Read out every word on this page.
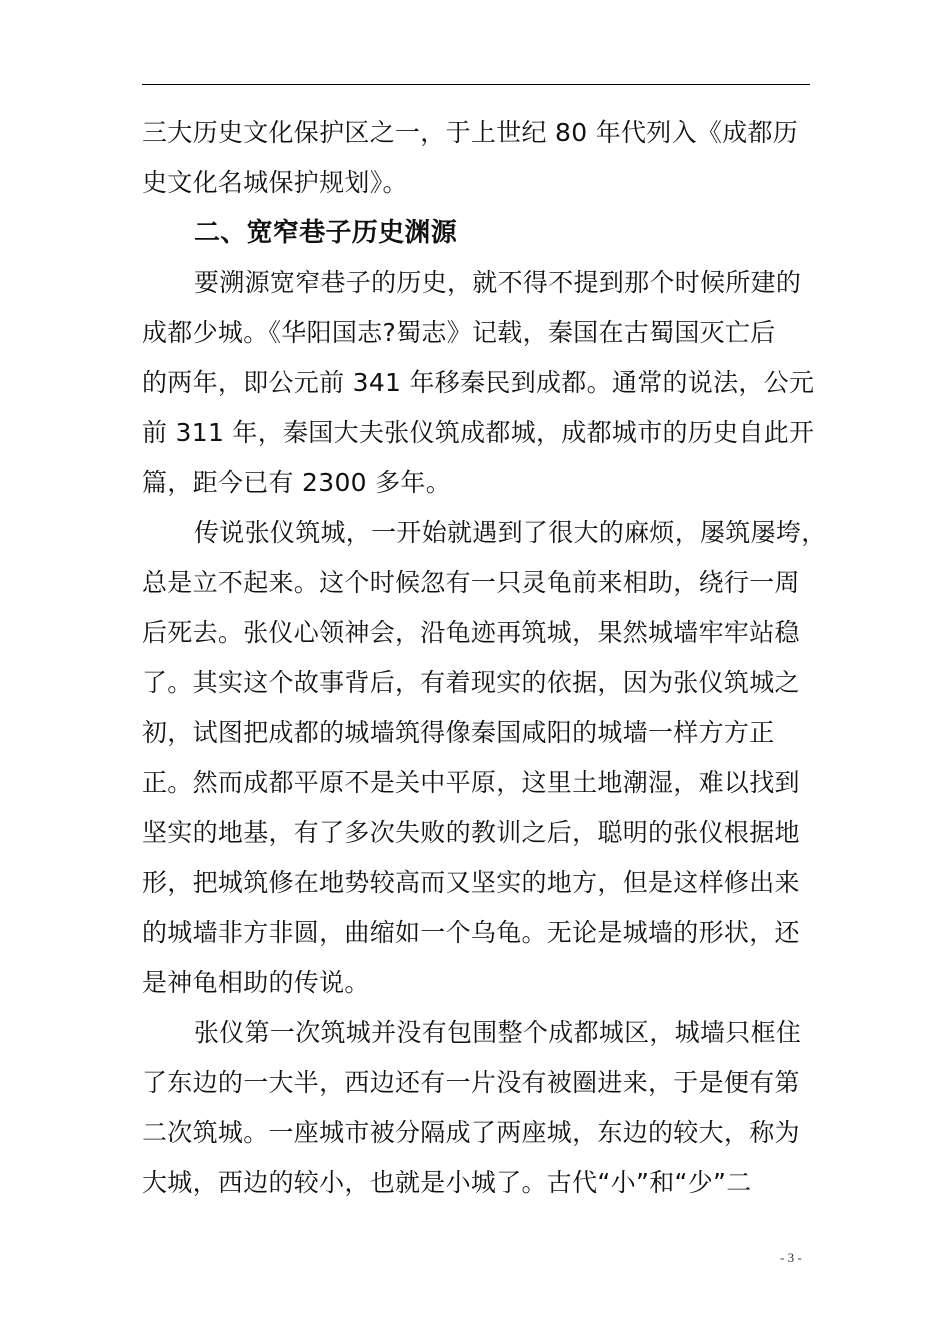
三大历史文化保护区之一，于上世纪 80 年代列入《成都历
史文化名城保护规划》。
二、宽窄巷子历史渊源
要溯源宽窄巷子的历史，就不得不提到那个时候所建的
成都少城。《华阳国志?蜀志》记载，秦国在古蜀国灭亡后
的两年，即公元前 341 年移秦民到成都。通常的说法，公元
前 311 年，秦国大夫张仪筑成都城，成都城市的历史自此开
篇，距今已有 2300 多年。
传说张仪筑城，一开始就遇到了很大的麻烦，屡筑屡垮，
总是立不起来。这个时候忽有一只灵龟前来相助，绕行一周
后死去。张仪心领神会，沿龟迹再筑城，果然城墙牢牢站稳
了。其实这个故事背后，有着现实的依据，因为张仪筑城之
初，试图把成都的城墙筑得像秦国咸阳的城墙一样方方正
正。然而成都平原不是关中平原，这里土地潮湿，难以找到
坚实的地基，有了多次失败的教训之后，聪明的张仪根据地
形，把城筑修在地势较高而又坚实的地方，但是这样修出来
的城墙非方非圆，曲缩如一个乌龟。无论是城墙的形状，还
是神龟相助的传说。
张仪第一次筑城并没有包围整个成都城区，城墙只框住
了东边的一大半，西边还有一片没有被圈进来，于是便有第
二次筑城。一座城市被分隔成了两座城，东边的较大，称为
大城，西边的较小，也就是小城了。古代“小”和“少”二
- 3 -
